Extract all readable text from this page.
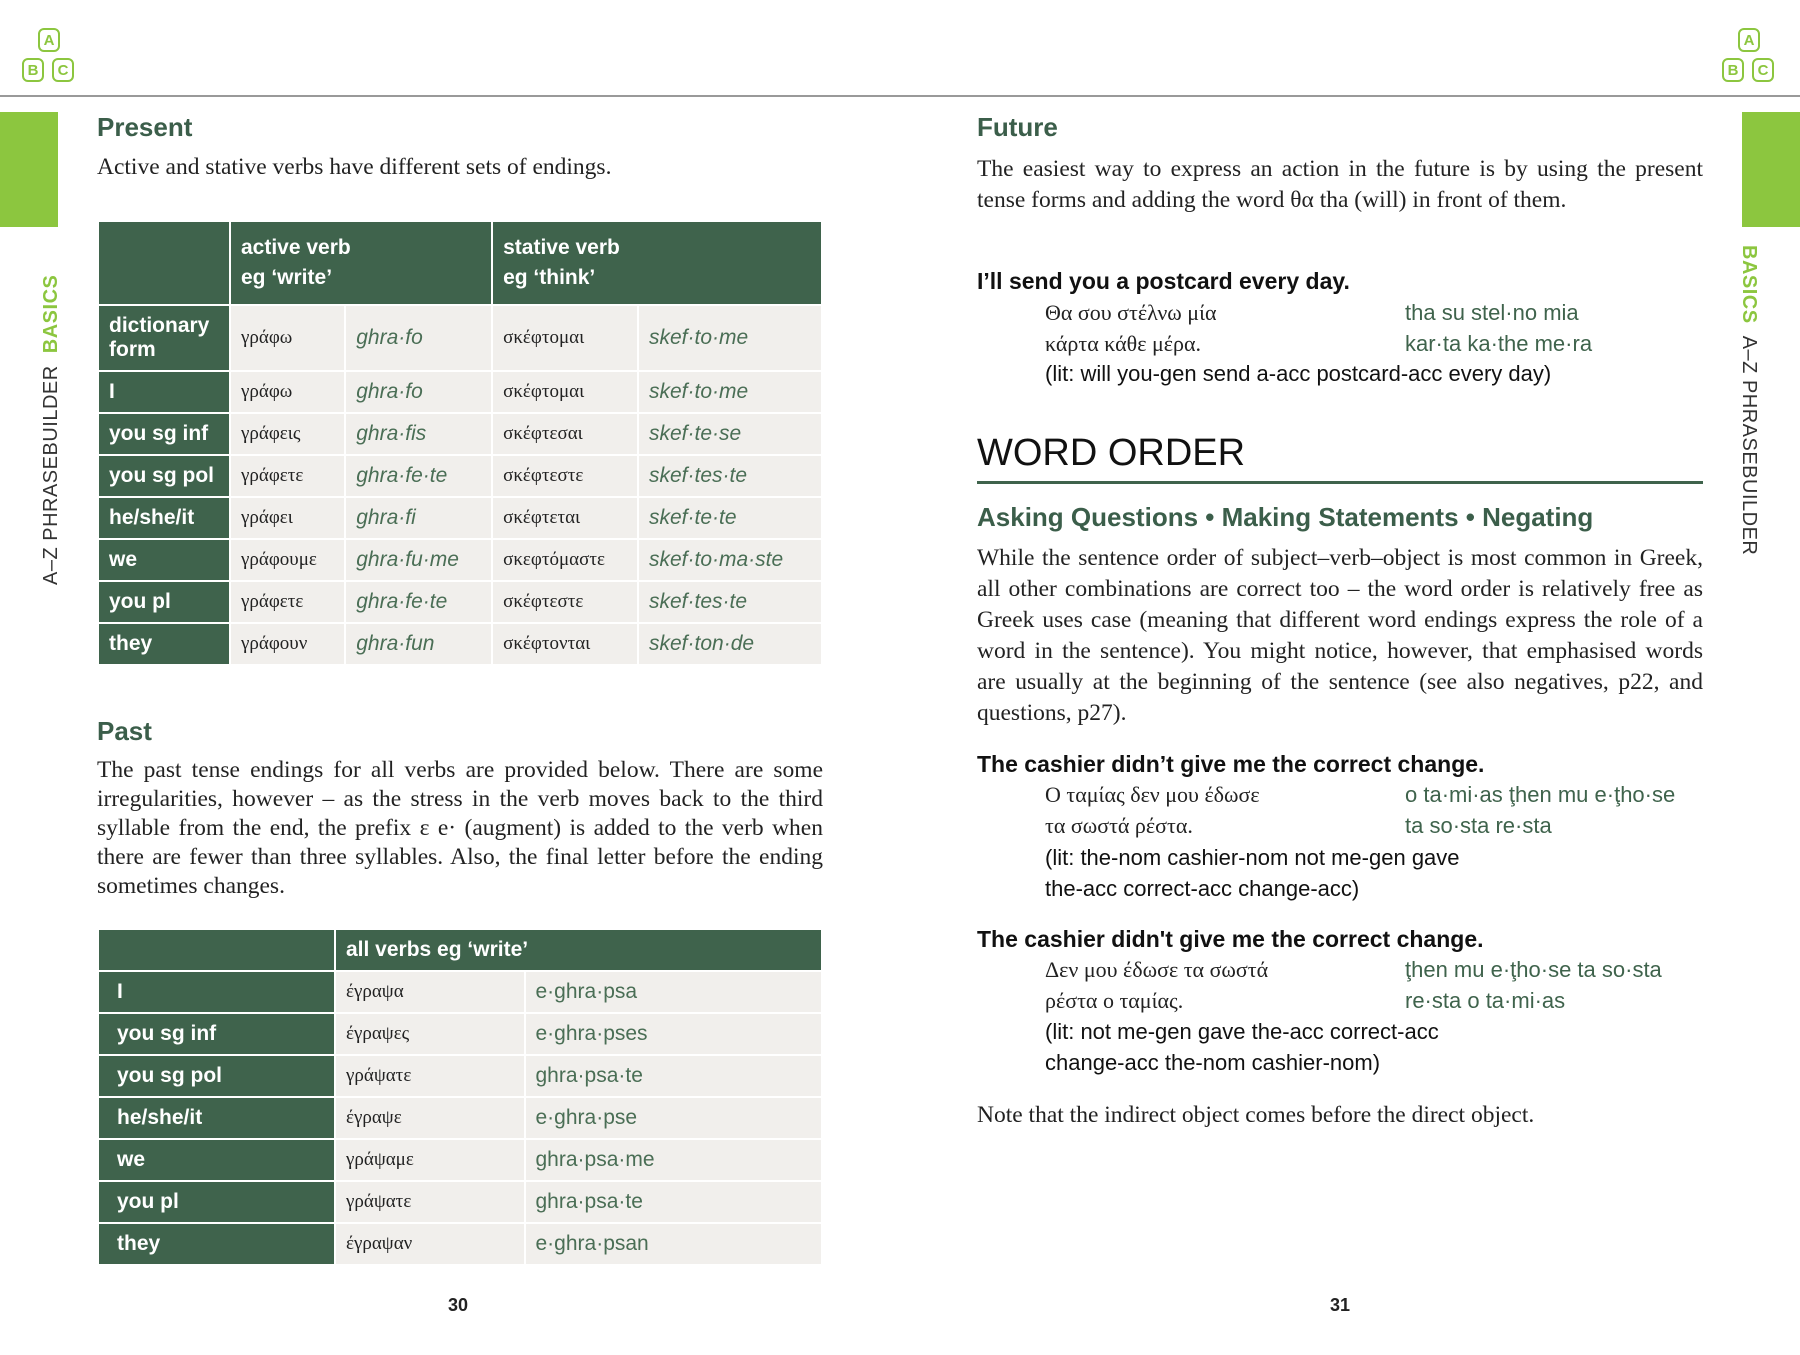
A
B	C
A
B	C
A–Z PHRASEBUILDER  BASICS	BASICS  A–Z PHRASEBUILDER
Present
Active and stative verbs have different sets of endings.
	active verb
eg ‘write’		stative verb
eg ‘think’	
dictionary form	γράφω	ghra·fo	σκέφτομαι	skef·to·me
I	γράφω	ghra·fo	σκέφτομαι	skef·to·me
you sg inf	γράφεις	ghra·fis	σκέφτεσαι	skef·te·se
you sg pol	γράφετε	ghra·fe·te	σκέφτεστε	skef·tes·te
he/she/it	γράφει	ghra·fi	σκέφτεται	skef·te·te
we	γράφουμε	ghra·fu·me	σκεφτόμαστε	skef·to·ma·ste
you pl	γράφετε	ghra·fe·te	σκέφτεστε	skef·tes·te
they	γράφουν	ghra·fun	σκέφτονται	skef·ton·de
Past
The past tense endings for all verbs are provided below. There are some irregularities, however – as the stress in the verb moves back to the third syllable from the end, the prefix ε e· (augment) is added to the verb when there are fewer than three syllables. Also, the final letter before the ending sometimes changes.
	all verbs eg ‘write’	
I	έγραψα	e·ghra·psa
you sg inf	έγραψες	e·ghra·pses
you sg pol	γράψατε	ghra·psa·te
he/she/it	έγραψε	e·ghra·pse
we	γράψαμε	ghra·psa·me
you pl	γράψατε	ghra·psa·te
they	έγραψαν	e·ghra·psan
30
Future
The easiest way to express an action in the future is by using the present tense forms and adding the word θα tha (will) in front of them.
I’ll send you a postcard every day.
Θα σου στέλνω μία
κάρτα κάθε μέρα.
tha su stel·no mia
kar·ta ka·the me·ra
(lit: will you-gen send a-acc postcard-acc every day)
WORD ORDER
Asking Questions • Making Statements • Negating
While the sentence order of subject–verb–object is most common in Greek, all other combinations are correct too – the word order is relatively free as Greek uses case (meaning that different word endings express the role of a word in the sentence). You might notice, however, that emphasised words are usually at the beginning of the sentence (see also negatives, p22, and questions, p27).
The cashier didn’t give me the correct change.
Ο ταμίας δεν μου έδωσε
τα σωστά ρέστα.
o ta·mi·as ţhen mu e·ţho·se
ta so·sta re·sta
(lit: the-nom cashier-nom not me-gen gave
the-acc correct-acc change-acc)
The cashier didn't give me the correct change.
Δεν μου έδωσε τα σωστά
ρέστα ο ταμίας.
ţhen mu e·ţho·se ta so·sta
re·sta o ta·mi·as
(lit: not me-gen gave the-acc correct-acc
change-acc the-nom cashier-nom)
Note that the indirect object comes before the direct object.
31
